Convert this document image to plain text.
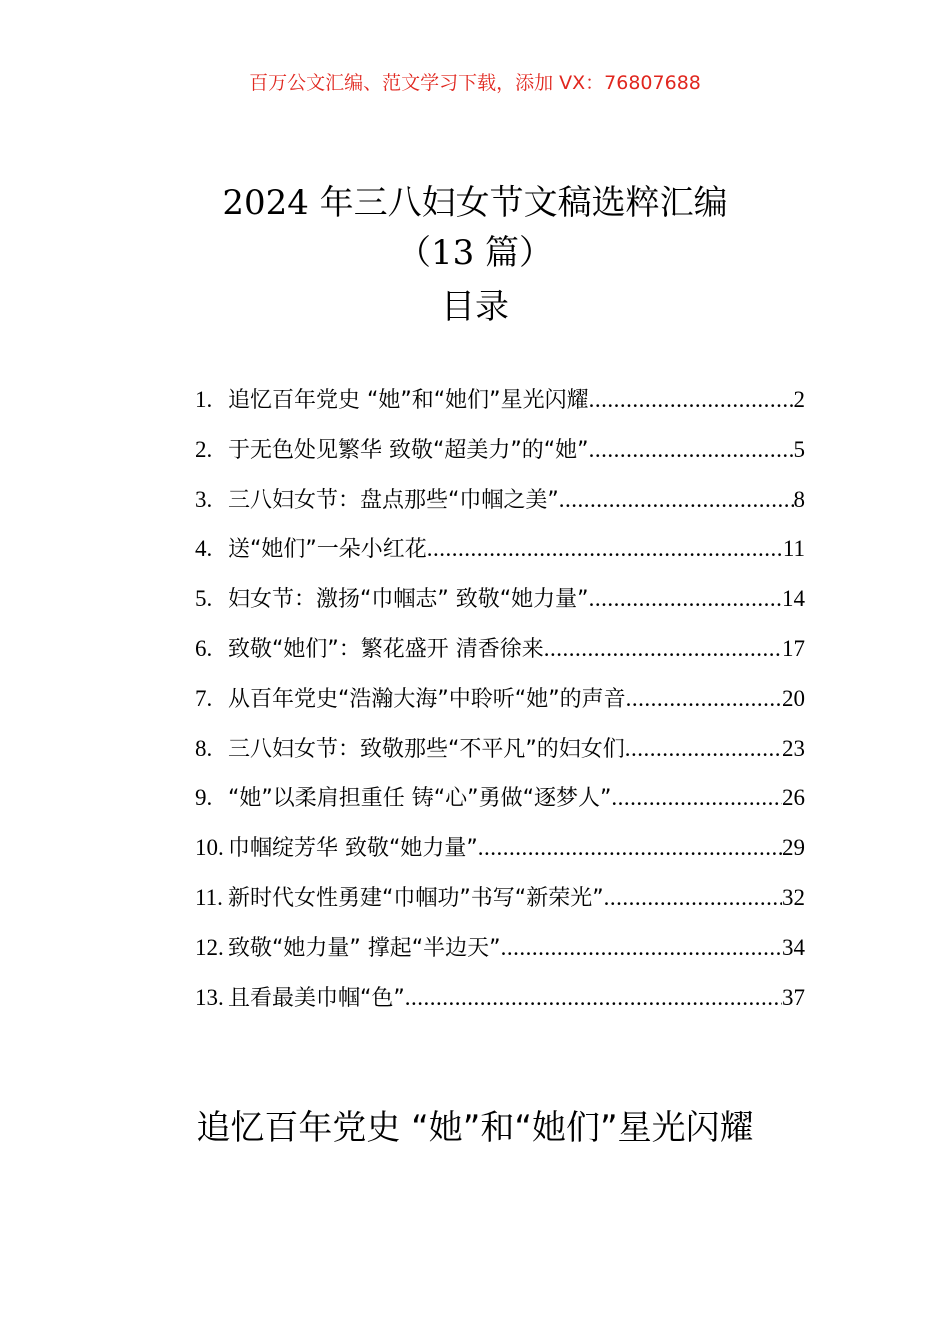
百万公文汇编、范文学习下载，添加 VX：76807688
2024 年三八妇女节文稿选粹汇编
（13 篇）
目录
1. 追忆百年党史 “她”和“她们”星光闪耀 .....	2
2. 于无色处见繁华 致敬“超美力”的“她” .....	5
3. 三八妇女节：盘点那些“巾帼之美” .....	8
4. 送“她们”一朵小红花 .....	11
5. 妇女节：激扬“巾帼志” 致敬“她力量” .....	14
6. 致敬“她们”：繁花盛开 清香徐来 .....	17
7. 从百年党史“浩瀚大海”中聆听“她”的声音 .....	20
8. 三八妇女节：致敬那些“不平凡”的妇女们 .....	23
9. “她”以柔肩担重任 铸“心”勇做“逐梦人” .....	26
10. 巾帼绽芳华 致敬“她力量” .....	29
11. 新时代女性勇建“巾帼功”书写“新荣光” .....	32
12. 致敬“她力量” 撑起“半边天” .....	34
13. 且看最美巾帼“色” .....	37
追忆百年党史 “她”和“她们”星光闪耀
